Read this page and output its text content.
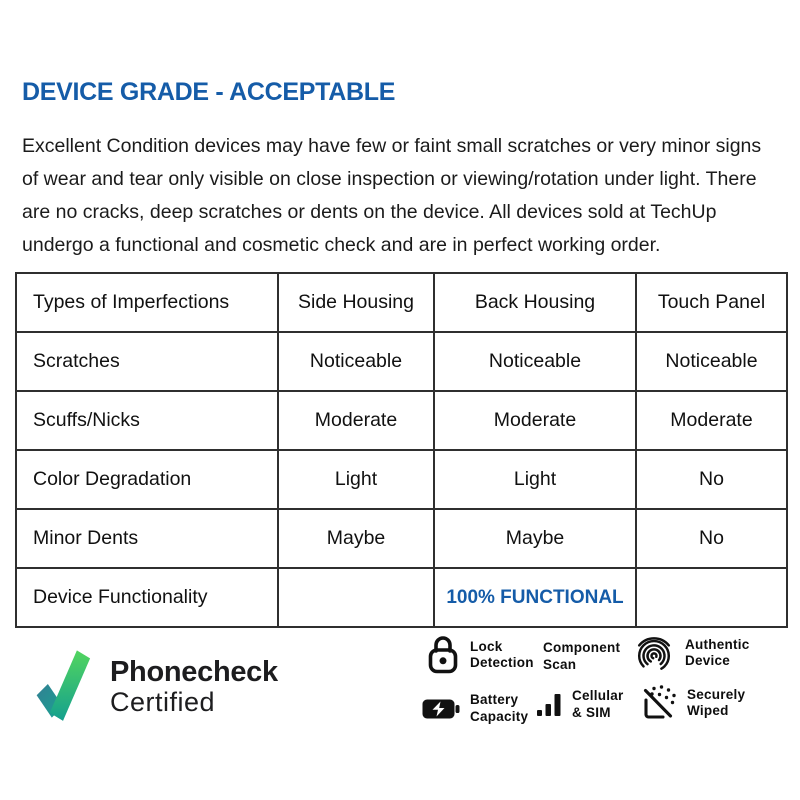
DEVICE GRADE - ACCEPTABLE
Excellent Condition devices may have few or faint small scratches or very minor signs
of wear and tear only visible on close inspection or viewing/rotation under light. There
are no cracks, deep scratches or dents on the device. All devices sold at TechUp
undergo a functional and cosmetic check and are in perfect working order.
Types of Imperfections	Side Housing	Back Housing	Touch Panel
Scratches	Noticeable	Noticeable	Noticeable
Scuffs/Nicks	Moderate	Moderate	Moderate
Color Degradation	Light	Light	No
Minor Dents	Maybe	Maybe	No
Device Functionality		100% FUNCTIONAL	
Phonecheck
Certified
Lock
Detection
Component
Scan
Authentic
Device
Battery
Capacity
Cellular
& SIM
Securely
Wiped
